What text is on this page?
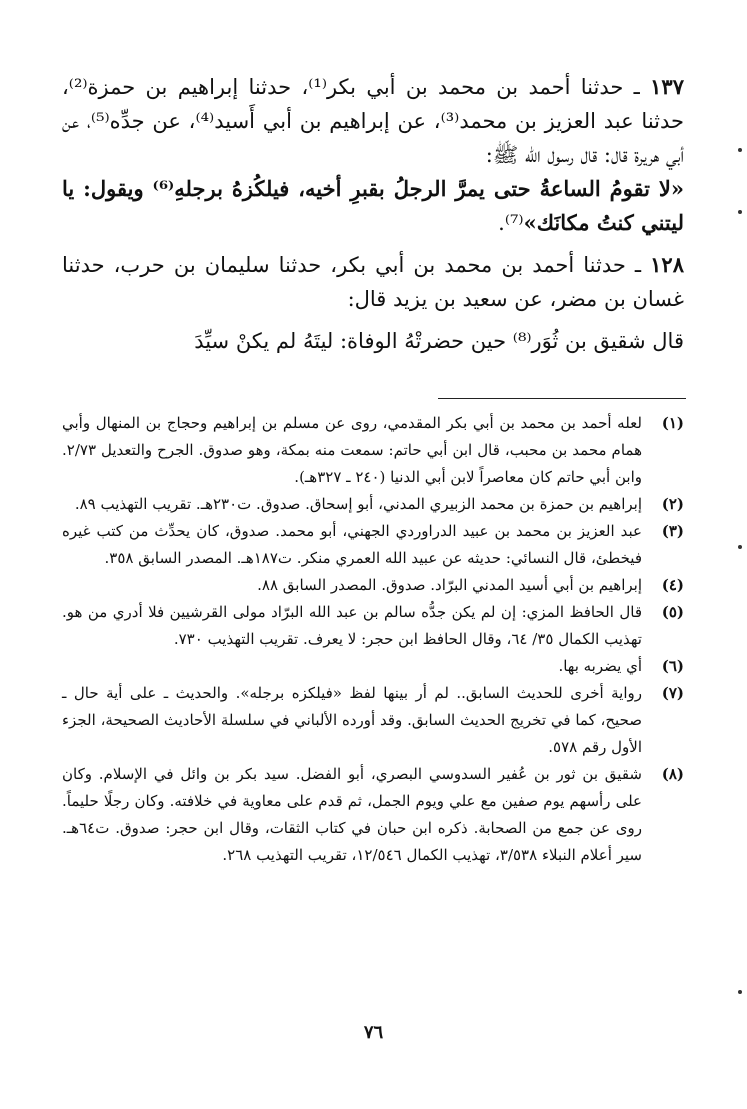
١٣٧ ـ حدثنا أحمد بن محمد بن أبي بكر⁽¹⁾، حدثنا إبراهيم بن حمزة⁽²⁾، حدثنا عبد العزيز بن محمد⁽³⁾، عن إبراهيم بن أبي أَسيد⁽⁴⁾، عن جدِّه⁽⁵⁾، عن أبي هريرة قال: قال رسول الله ﷺ:

«لا تقومُ الساعةُ حتى يمرَّ الرجلُ بقبرِ أخيه، فيلكُزهُ برجلهِ⁽⁶⁾ ويقول: يا ليتني كنتُ مكانَك»⁽⁷⁾.

١٢٨ ـ حدثنا أحمد بن محمد بن أبي بكر، حدثنا سليمان بن حرب، حدثنا غسان بن مضر، عن سعيد بن يزيد قال:

قال شقيق بن ثُوَر⁽⁸⁾ حين حضرتْهُ الوفاة: ليتَهُ لم يكنْ سيِّدَ

(١)
لعله أحمد بن محمد بن أبي بكر المقدمي، روى عن مسلم بن إبراهيم وحجاج بن المنهال وأبي همام محمد بن محبب، قال ابن أبي حاتم: سمعت منه بمكة، وهو صدوق. الجرح والتعديل ٢/٧٣. وابن أبي حاتم كان معاصراً لابن أبي الدنيا (٢٤٠ ـ ٣٢٧هـ).
(٢)
إبراهيم بن حمزة بن محمد الزبيري المدني، أبو إسحاق. صدوق. ت٢٣٠هـ. تقريب التهذيب ٨٩.
(٣)
عبد العزيز بن محمد بن عبيد الدراوردي الجهني، أبو محمد. صدوق، كان يحدِّث من كتب غيره فيخطئ، قال النسائي: حديثه عن عبيد الله العمري منكر. ت١٨٧هـ. المصدر السابق ٣٥٨.
(٤)
إبراهيم بن أبي أسيد المدني البرّاد. صدوق. المصدر السابق ٨٨.
(٥)
قال الحافظ المزي: إن لم يكن جدُّه سالم بن عبد الله البرّاد مولى القرشيين فلا أدري من هو. تهذيب الكمال ٣٥/ ٦٤، وقال الحافظ ابن حجر: لا يعرف. تقريب التهذيب ٧٣٠.
(٦)
أي يضربه بها.
(٧)
رواية أخرى للحديث السابق.. لم أر بينها لفظ «فيلكزه برجله». والحديث ـ على أية حال ـ صحيح، كما في تخريج الحديث السابق. وقد أورده الألباني في سلسلة الأحاديث الصحيحة، الجزء الأول رقم ٥٧٨.
(٨)
شقيق بن ثور بن عُفير السدوسي البصري، أبو الفضل. سيد بكر بن وائل في الإسلام. وكان على رأسهم يوم صفين مع علي ويوم الجمل، ثم قدم على معاوية في خلافته. وكان رجلًا حليماً. روى عن جمع من الصحابة. ذكره ابن حبان في كتاب الثقات، وقال ابن حجر: صدوق. ت٦٤هـ. سير أعلام النبلاء ٣/٥٣٨، تهذيب الكمال ١٢/٥٤٦، تقريب التهذيب ٢٦٨.
٧٦
